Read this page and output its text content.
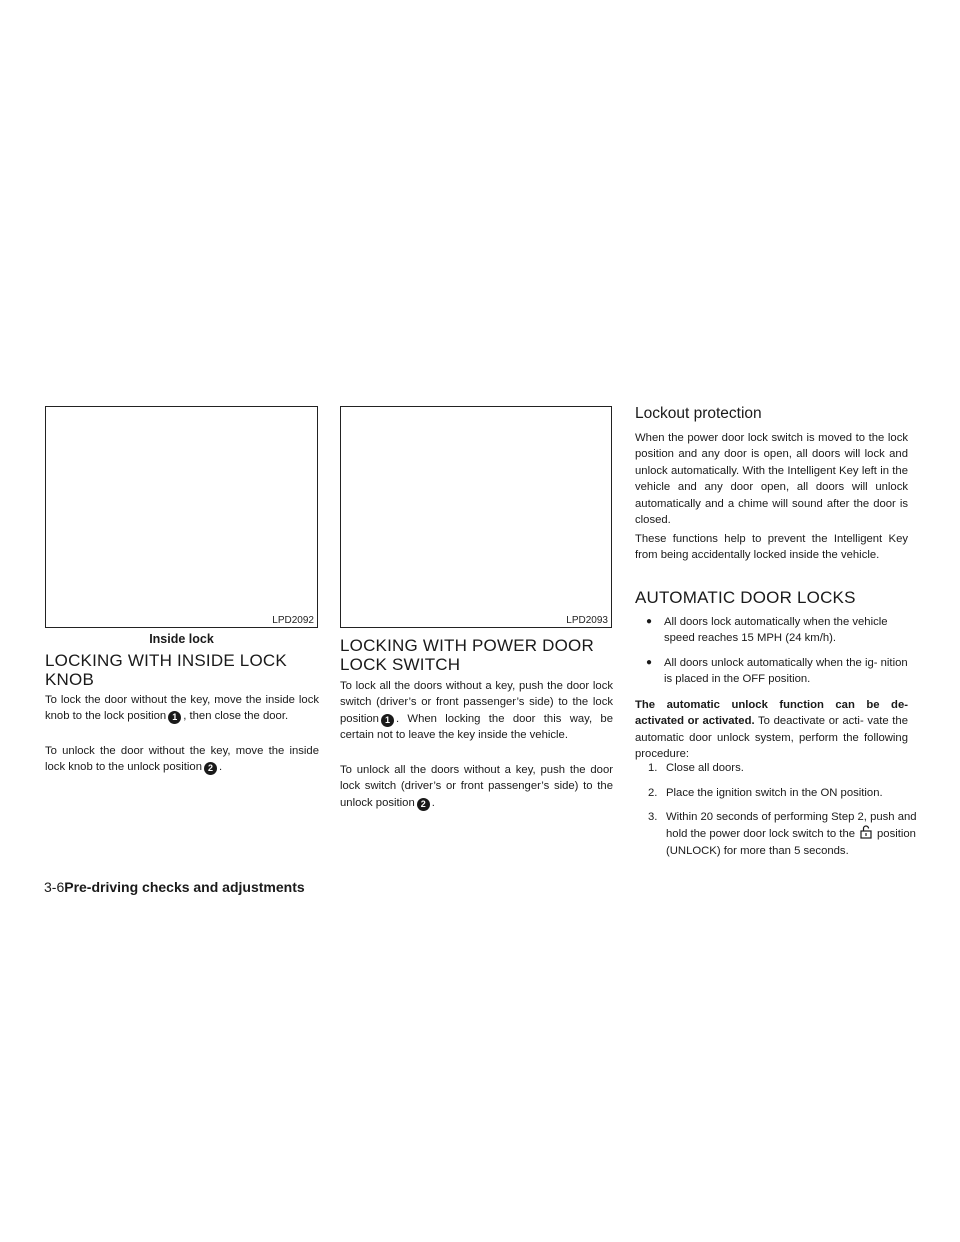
LPD2092
Inside lock
LPD2093
LOCKING WITH INSIDE LOCK
KNOB

To lock the door without the key, move the inside lock knob to the lock position 1 , then close the door.

To unlock the door without the key, move the inside lock knob to the unlock position 2 .

LOCKING WITH POWER DOOR
LOCK SWITCH

To lock all the doors without a key, push the door lock switch (driver’s or front passenger’s side) to the lock position 1 . When locking the door this way, be certain not to leave the key inside the vehicle.

To unlock all the doors without a key, push the door lock switch (driver’s or front passenger’s side) to the unlock position 2 .

Lockout protection

When the power door lock switch is moved to the lock position and any door is open, all doors will lock and unlock automatically. With the Intelligent Key left in the vehicle and any door open, all doors will unlock automatically and a chime will sound after the door is closed.

These functions help to prevent the Intelligent Key from being accidentally locked inside the vehicle.

AUTOMATIC DOOR LOCKS
● All doors lock automatically when the vehicle speed reaches 15 MPH (24 km/h).
● All doors unlock automatically when the ig- nition is placed in the OFF position.

The automatic unlock function can be de- activated or activated. To deactivate or acti- vate the automatic door unlock system, perform the following procedure:

1. Close all doors.
2. Place the ignition switch in the ON position.
3. Within 20 seconds of performing Step 2, push and hold the power door lock switch to the position (UNLOCK) for more than 5 seconds.
3-6Pre-driving checks and adjustments
